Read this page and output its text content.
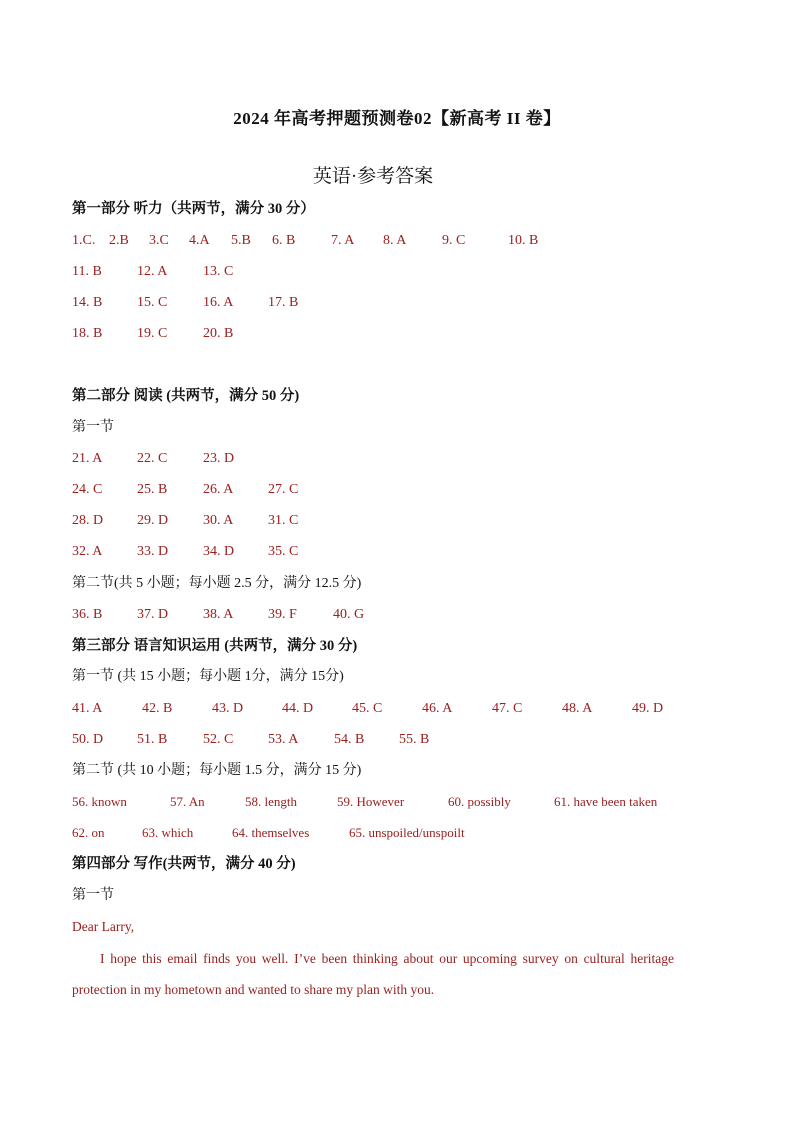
2024 年高考押题预测卷02【新高考 II 卷】
英语·参考答案
第一部分 听力（共两节，满分 30 分）
1.C. 2.B 3.C 4.A 5.B 6. B	7. A 8. A	9. C	10. B
11. B	12. A	13. C
14. B 15. C	16. A 17. B
18. B 19. C	20. B
第二部分 阅读 (共两节，满分 50 分)
第一节
21. A 22. C	23. D
24. C 25. B	26. A 27. C
28. D 29. D 30. A 31. C
32. A 33. D 34. D 35. C
第二节(共 5 小题；每小题 2.5 分，满分 12.5 分)
36. B 37. D 38. A 39. F	40. G
第三部分 语言知识运用 (共两节，满分 30 分)
第一节 (共 15 小题；每小题 1分，满分 15分)
41. A	42. B	43. D	44. D	45. C	46. A	47. C	48. A	49. D
50. D 51. B	52. C 53. A	54. B 55. B
第二节 (共 10 小题；每小题 1.5 分，满分 15 分)
56. known	57. An	58. length	59. However	60. possibly	61. have been taken
62. on	63. which	64. themselves	65. unspoiled/unspoilt
第四部分 写作(共两节，满分 40 分)
第一节
Dear Larry,
I hope this email finds you well. I’ve been thinking about our upcoming survey on cultural heritage protection in my hometown and wanted to share my plan with you.
